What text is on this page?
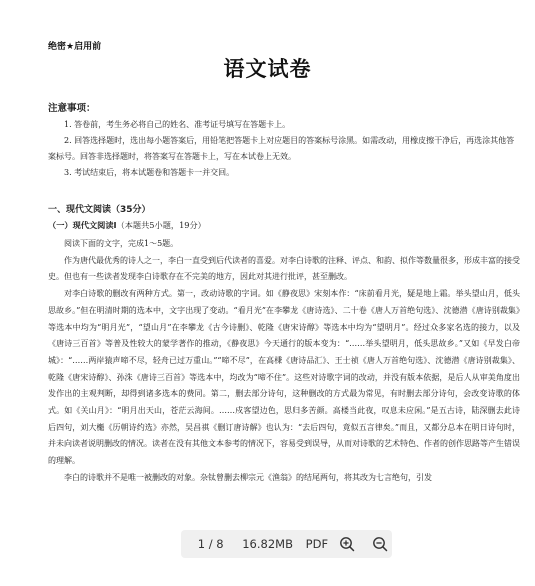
绝密★启用前
语文试卷
注意事项：

1. 答卷前，考生务必将自己的姓名、准考证号填写在答题卡上。

2. 回答选择题时，选出每小题答案后，用铅笔把答题卡上对应题目的答案标号涂黑。如需改动，用橡皮擦干净后，再选涂其他答案标号。回答非选择题时，将答案写在答题卡上，写在本试卷上无效。

3. 考试结束后，将本试题卷和答题卡一并交回。

一、现代文阅读（35分）
（一）现代文阅读Ⅰ（本题共5小题，19分）

阅读下面的文字，完成1～5题。

作为唐代最优秀的诗人之一，李白一直受到后代读者的喜爱。对李白诗歌的注释、评点、和韵、拟作等数量很多，形成丰富的接受史。但也有一些读者发现李白诗歌存在不完美的地方，因此对其进行批评，甚至删改。

对李白诗歌的删改有两种方式。第一，改动诗歌的字词。如《静夜思》宋刻本作：“床前看月光，疑是地上霜。举头望山月，低头思故乡。”但在明清时期的选本中，文字出现了变动。“看月光”在李攀龙《唐诗选》、二十卷《唐人万首绝句选》、沈德潜《唐诗别裁集》等选本中均为“明月光”，“望山月”在李攀龙《古今诗删》、乾隆《唐宋诗醇》等选本中均为“望明月”。经过众多家名选的接力，以及《唐诗三百首》等普及性较大的蒙学著作的推动，《静夜思》今天通行的版本变为：“……举头望明月，低头思故乡。”又如《早发白帝城》：“……两岸猿声啼不尽，轻舟已过万重山。”“啼不尽”，在高棅《唐诗品汇》、王士祯《唐人万首绝句选》、沈德潜《唐诗别裁集》、乾隆《唐宋诗醇》、孙洙《唐诗三百首》等选本中，均改为“啼不住”。这些对诗歌字词的改动，并没有版本依据，是后人从审美角度出发作出的主观判断，却得到诸多选本的费同。第二，删去部分诗句，这种删改的方式最为常见，有时删去部分诗句，会改变诗歌的体式。如《关山月》：“明月出天山，苍茫云海间。……戍客望边色，思归多苦颜。高楼当此夜，叹息未应闲。”是五古诗，陆深删去此诗后四句，刘大櫆《历朝诗约选》亦然，吴昌祺《删订唐诗解》也认为：“去后四句，竟似五言律矣。”而且，又都分总本在明日诗句时，并未向读者说明删改的情况。读者在没有其他文本参考的情况下，容易受到误导，从而对诗歌的艺术特色、作者的创作思路等产生错误的理解。

李白的诗歌并不是唯一被删改的对象。杂钛曾删去柳宗元《渔翁》的结尾两句，将其改为七言绝句，引发

1 / 8	16.82MB	PDF
